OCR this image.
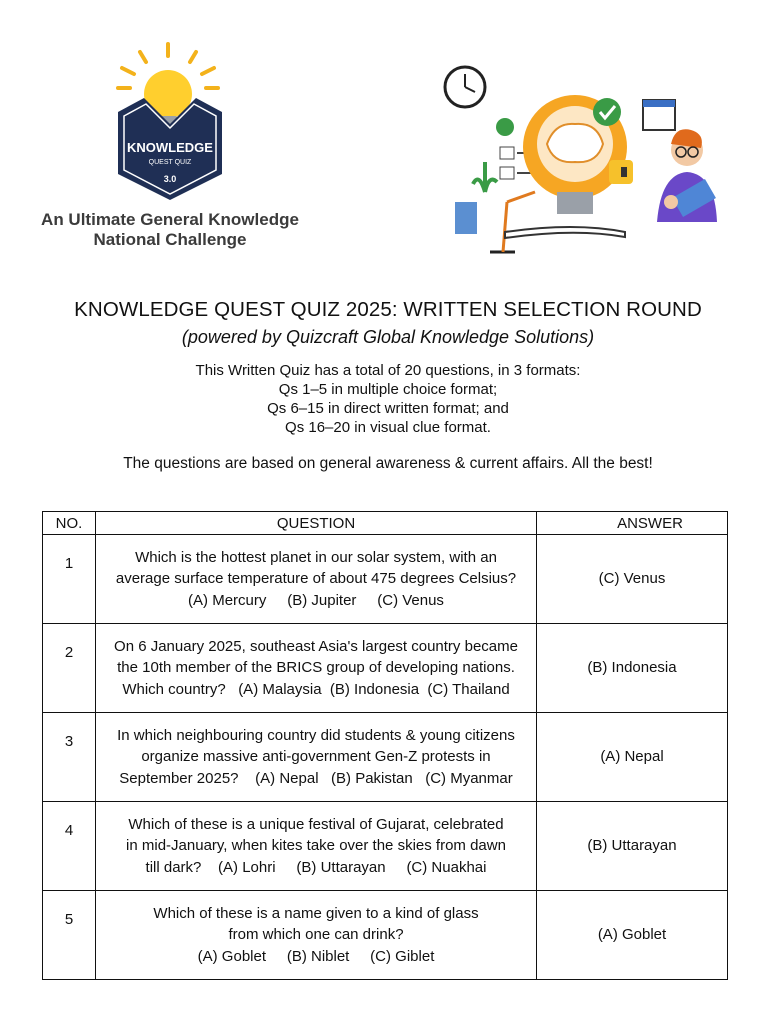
KNOWLEDGE
QUEST QUIZ
3.0
An Ultimate General Knowledge
National Challenge
KNOWLEDGE QUEST QUIZ 2025: WRITTEN SELECTION ROUND
(powered by Quizcraft Global Knowledge Solutions)
This Written Quiz has a total of 20 questions, in 3 formats:
Qs 1–5 in multiple choice format;
Qs 6–15 in direct written format; and
Qs 16–20 in visual clue format.
The questions are based on general awareness & current affairs. All the best!
NO.	QUESTION	ANSWER
1	Which is the hottest planet in our solar system, with an
average surface temperature of about 475 degrees Celsius?
(A) Mercury     (B) Jupiter     (C) Venus	(C) Venus
2	On 6 January 2025, southeast Asia's largest country became
the 10th member of the BRICS group of developing nations.
Which country?   (A) Malaysia  (B) Indonesia  (C) Thailand	(B) Indonesia
3	In which neighbouring country did students & young citizens
organize massive anti-government Gen-Z protests in
September 2025?    (A) Nepal   (B) Pakistan   (C) Myanmar	(A) Nepal
4	Which of these is a unique festival of Gujarat, celebrated
in mid-January, when kites take over the skies from dawn
till dark?    (A) Lohri     (B) Uttarayan     (C) Nuakhai	(B) Uttarayan
5	Which of these is a name given to a kind of glass
from which one can drink?
(A) Goblet     (B) Niblet     (C) Giblet	(A) Goblet
